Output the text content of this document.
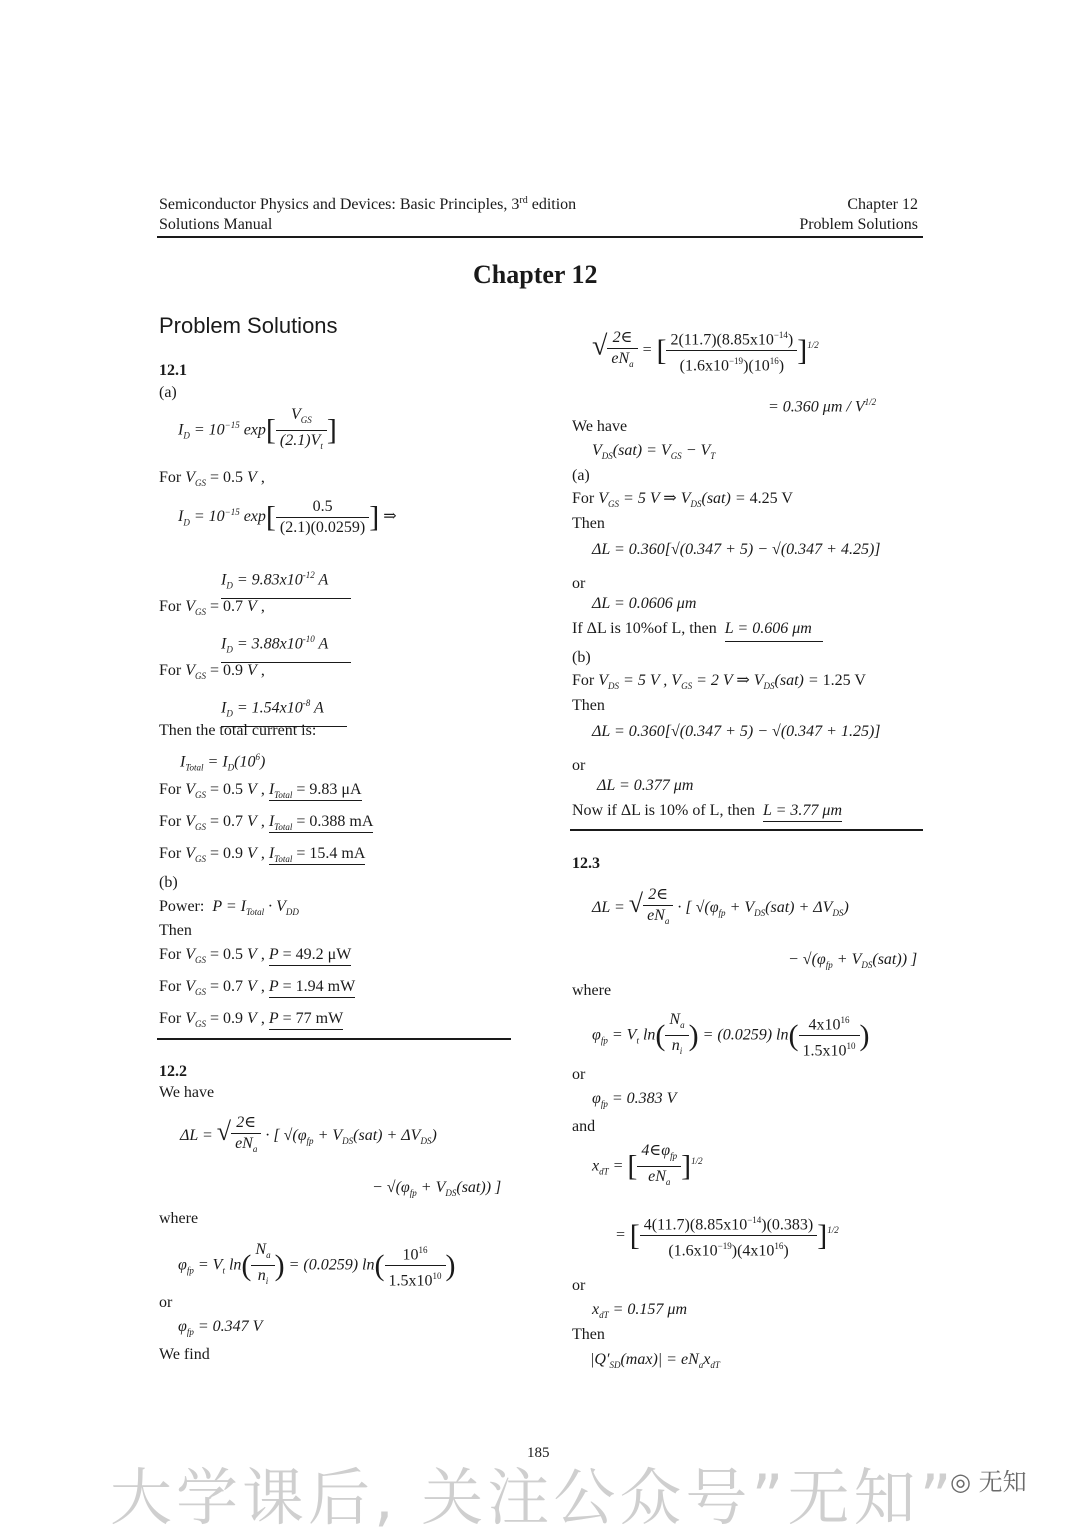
Semiconductor Physics and Devices: Basic Principles, 3rd edition
Solutions Manual
Chapter 12
Problem Solutions
Chapter 12
Problem Solutions
12.1
(a)
$I_D = 10^{-15}$ $\exp[ \frac{V_{GS}}{(2.1)V_t}$ ]
For $V_{GS} = 0.5$ V ,
$I_D = 10^{-15}$ $\exp[ \frac{0.5}{(2.1)(0.0259)}$ ] ⇒
$I_D = 9.83x10^{-12}$ A
For $V_{GS} = 0.7$ V ,
$I_D = 3.88x10^{-10}$ A
For $V_{GS} = 0.9$ V ,
$I_D = 1.54x10^{-8}$ A
Then the total current is:
$I_{Total} = I_D(10^6)$
For $V_{GS} = 0.5$ V , $I_{Total} = 9.83$ μA
For $V_{GS} = 0.7$ V , $I_{Total} = 0.388$ mA
For $V_{GS} = 0.9$ V , $I_{Total} = 15.4$ mA
(b)
Power: $P = I_{Total} \cdot V_{DD}$
Then
For $V_{GS} = 0.5$ V , P = 49.2 μW
For $V_{GS} = 0.7$ V , P = 1.94 mW
For $V_{GS} = 0.9$ V , P = 77 mW
12.2
We have
ΔL = √ $\frac{2\in}{eN_a}$ · [ $√(\varphi_{fp} + V_{DS}(sat) + \Delta V_{DS})$
− $√(\varphi_{fp} + V_{DS}(sat))$ ]
where
$\varphi_{fp} = V_t$ $\ln( \frac{N_a}{n_i}$ ) = (0.0259) $\ln( \frac{10^{16}}{1.5x10^{10}}$ )
or
$\varphi_{fp} = 0.347$ V
We find
√ $\frac{2\in}{eN_a}$ = [ $\frac{2(11.7)(8.85x10^{-14})}{(1.6x10^{-19})(10^{16})} ]^{1/2}$
= 0.360 μm / $V^{1/2}$
We have
$V_{DS}(sat) = V_{GS} - V_T$
(a)
For $V_{GS} = 5$ V ⇒ $V_{DS}(sat) = 4.25$ V
Then
ΔL = 0.360[√(0.347 + 5) − √(0.347 + 4.25)]
or
ΔL = 0.0606 μm
If ΔL is 10%of L, then L = 0.606 μm
(b)
For $V_{DS} = 5$ V , $V_{GS} = 2$ V ⇒ $V_{DS}(sat) = 1.25$ V
Then
ΔL = 0.360[√(0.347 + 5) − √(0.347 + 1.25)]
or
ΔL = 0.377 μm
Now if ΔL is 10% of L, then L = 3.77 μm
12.3
ΔL = √ $\frac{2\in}{eN_a}$ · [ $√(\varphi_{fp} + V_{DS}(sat) + \Delta V_{DS})$
− $√(\varphi_{fp} + V_{DS}(sat))$ ]
where
$\varphi_{fp} = V_t$ $\ln( \frac{N_a}{n_i}$ ) = (0.0259) $\ln( \frac{4x10^{16}}{1.5x10^{10}}$ )
or
$\varphi_{fp} = 0.383$ V
and
$x_{dT}$ = [ $\frac{4\in\varphi_{fp}}{eN_a} ]^{1/2}$
= [ $\frac{4(11.7)(8.85x10^{-14})(0.383)}{(1.6x10^{-19})(4x10^{16})} ]^{1/2}$
or
$x_{dT} = 0.157$ μm
Then
$|Q'_{SD}(\max)| = eN_ax_{dT}$
185
大学课后, 关注公众号”无知”
◎ 无知
